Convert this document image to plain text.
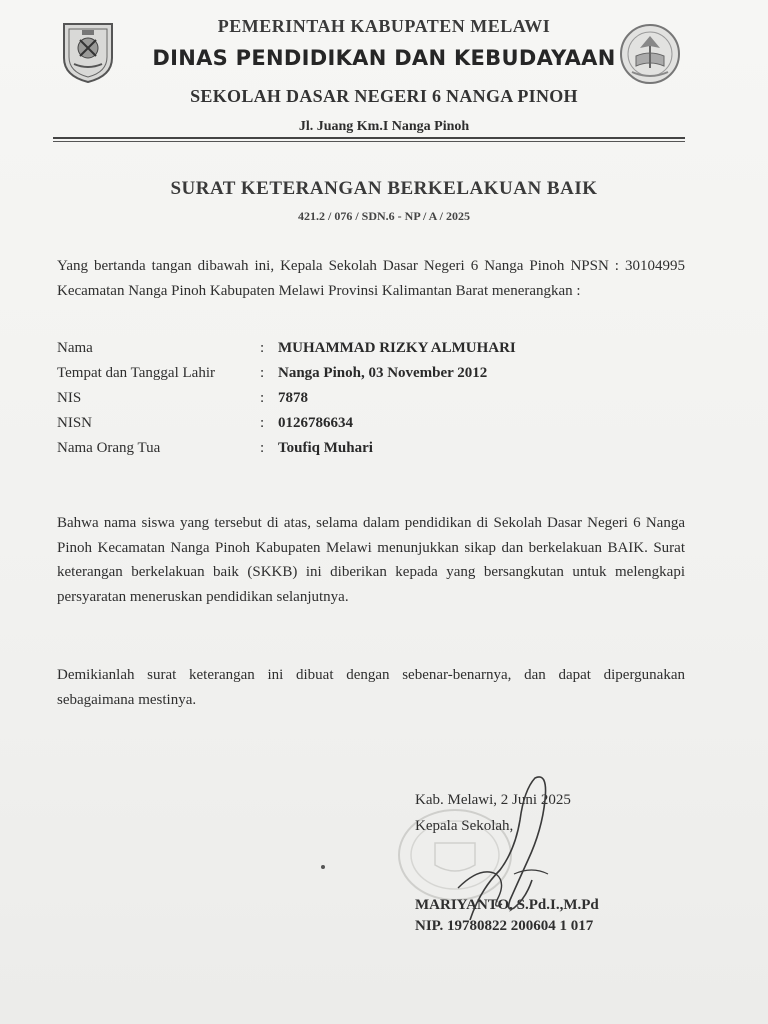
PEMERINTAH KABUPATEN MELAWI
DINAS PENDIDIKAN DAN KEBUDAYAAN
SEKOLAH DASAR NEGERI 6 NANGA PINOH
Jl. Juang Km.I Nanga Pinoh
SURAT KETERANGAN BERKELAKUAN BAIK
421.2 / 076 / SDN.6 - NP / A / 2025
Yang bertanda tangan dibawah ini, Kepala Sekolah Dasar Negeri 6 Nanga Pinoh NPSN : 30104995 Kecamatan Nanga Pinoh Kabupaten Melawi Provinsi Kalimantan Barat menerangkan :
Nama	: MUHAMMAD RIZKY ALMUHARI
Tempat dan Tanggal Lahir	: Nanga Pinoh, 03 November 2012
NIS	: 7878
NISN	: 0126786634
Nama Orang Tua	: Toufiq Muhari
Bahwa nama siswa yang tersebut di atas, selama dalam pendidikan di Sekolah Dasar Negeri 6 Nanga Pinoh Kecamatan Nanga Pinoh Kabupaten Melawi menunjukkan sikap dan berkelakuan BAIK. Surat keterangan berkelakuan baik (SKKB) ini diberikan kepada yang bersangkutan untuk melengkapi persyaratan meneruskan pendidikan selanjutnya.
Demikianlah surat keterangan ini dibuat dengan sebenar-benarnya, dan dapat dipergunakan sebagaimana mestinya.
Kab. Melawi, 2 Juni 2025
Kepala Sekolah,
MARIYANTO, S.Pd.I.,M.Pd
NIP. 19780822 200604 1 017
